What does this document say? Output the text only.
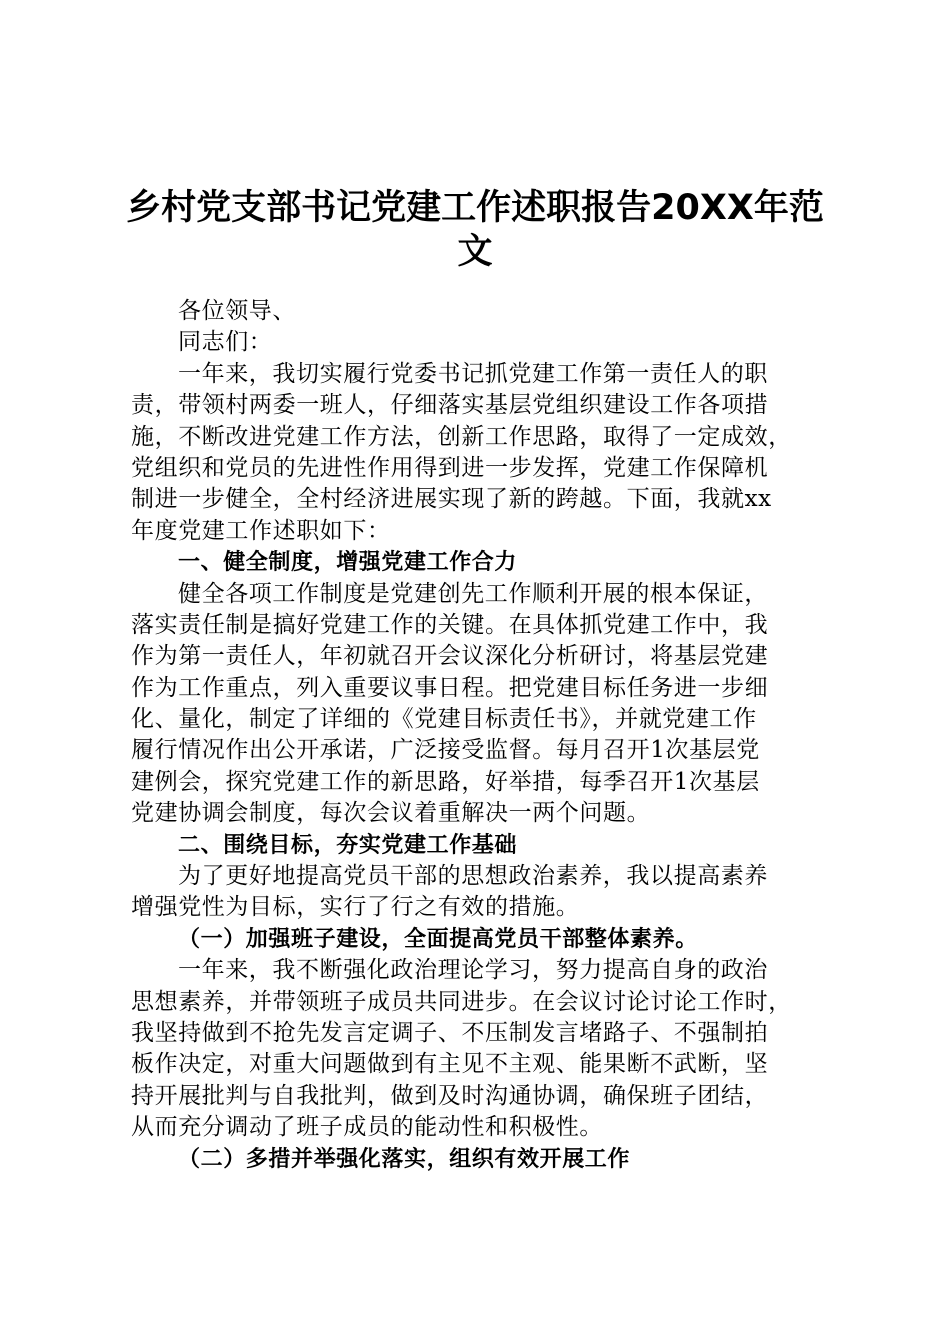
乡村党支部书记党建工作述职报告20XX年范
文
各位领导、
同志们：
一年来，我切实履行党委书记抓党建工作第一责任人的职
责，带领村两委一班人，仔细落实基层党组织建设工作各项措
施，不断改进党建工作方法，创新工作思路，取得了一定成效，
党组织和党员的先进性作用得到进一步发挥，党建工作保障机
制进一步健全，全村经济进展实现了新的跨越。下面，我就xx
年度党建工作述职如下：
一、健全制度，增强党建工作合力
健全各项工作制度是党建创先工作顺利开展的根本保证，
落实责任制是搞好党建工作的关键。在具体抓党建工作中，我
作为第一责任人，年初就召开会议深化分析研讨，将基层党建
作为工作重点，列入重要议事日程。把党建目标任务进一步细
化、量化，制定了详细的《党建目标责任书》，并就党建工作
履行情况作出公开承诺，广泛接受监督。每月召开1次基层党
建例会，探究党建工作的新思路，好举措，每季召开1次基层
党建协调会制度，每次会议着重解决一两个问题。
二、围绕目标，夯实党建工作基础
为了更好地提高党员干部的思想政治素养，我以提高素养
增强党性为目标，实行了行之有效的措施。
（一）加强班子建设，全面提高党员干部整体素养。
一年来，我不断强化政治理论学习，努力提高自身的政治
思想素养，并带领班子成员共同进步。在会议讨论讨论工作时，
我坚持做到不抢先发言定调子、不压制发言堵路子、不强制拍
板作决定，对重大问题做到有主见不主观、能果断不武断，坚
持开展批判与自我批判，做到及时沟通协调，确保班子团结，
从而充分调动了班子成员的能动性和积极性。
（二）多措并举强化落实，组织有效开展工作
